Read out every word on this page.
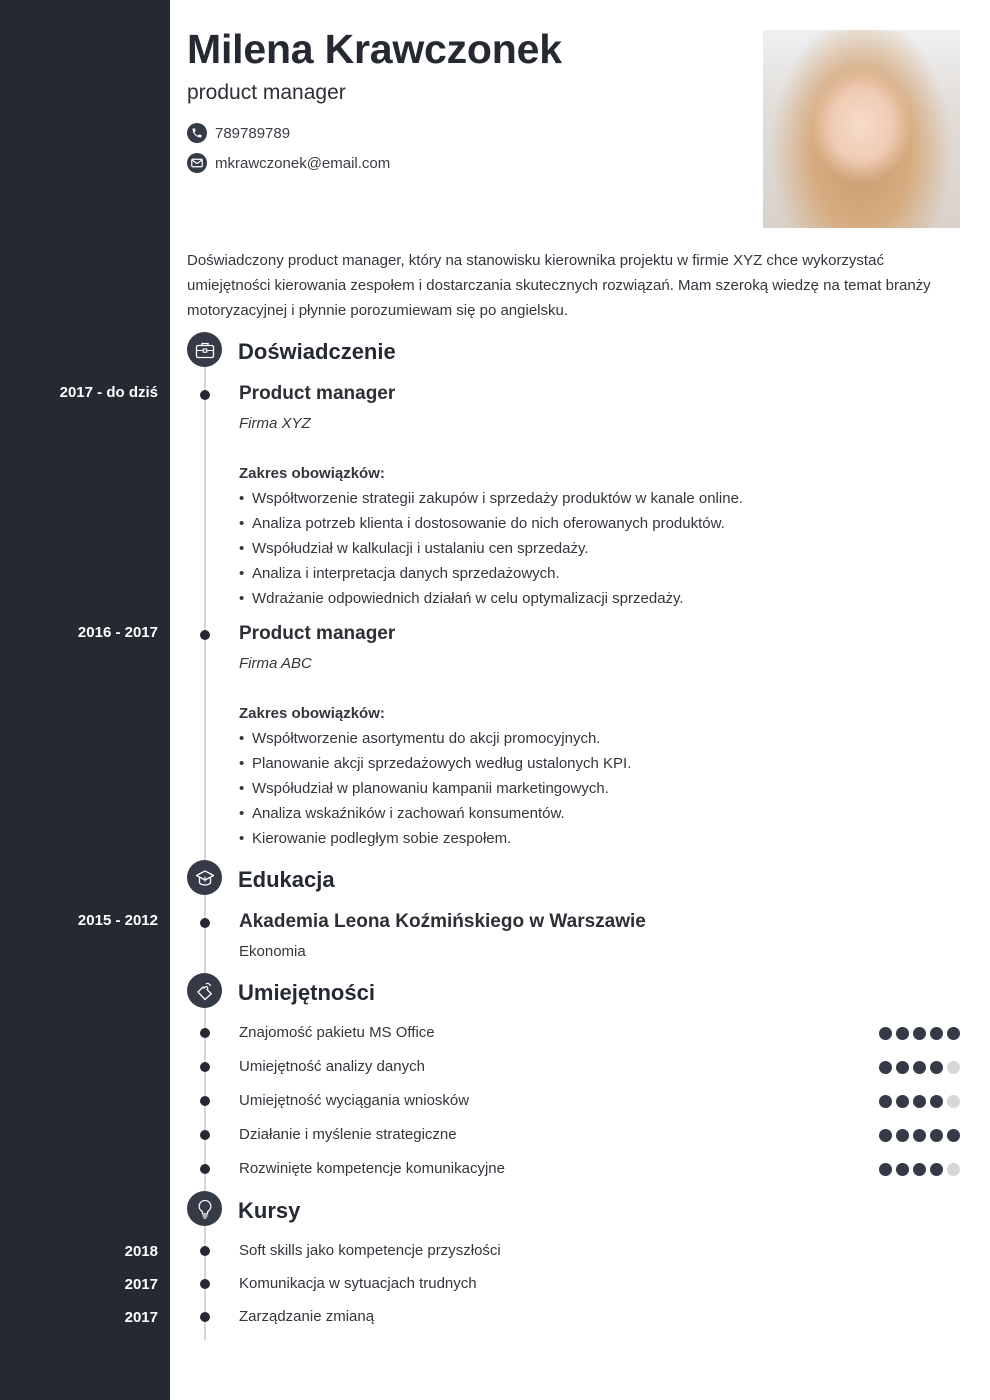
Milena Krawczonek
product manager
789789789
mkrawczonek@email.com

Doświadczony product manager, który na stanowisku kierownika projektu w firmie XYZ chce wykorzystać umiejętności kierowania zespołem i dostarczania skutecznych rozwiązań. Mam szeroką wiedzę na temat branży motoryzacyjnej i płynnie porozumiewam się po angielsku.

Doświadczenie
2017 - do dziś	Product manager
Firma XYZ
Zakres obowiązków:
• Współtworzenie strategii zakupów i sprzedaży produktów w kanale online.
• Analiza potrzeb klienta i dostosowanie do nich oferowanych produktów.
• Współudział w kalkulacji i ustalaniu cen sprzedaży.
• Analiza i interpretacja danych sprzedażowych.
• Wdrażanie odpowiednich działań w celu optymalizacji sprzedaży.
2016 - 2017	Product manager
Firma ABC
Zakres obowiązków:
• Współtworzenie asortymentu do akcji promocyjnych.
• Planowanie akcji sprzedażowych według ustalonych KPI.
• Współudział w planowaniu kampanii marketingowych.
• Analiza wskaźników i zachowań konsumentów.
• Kierowanie podległym sobie zespołem.
Edukacja
2015 - 2012	Akademia Leona Koźmińskiego w Warszawie
Ekonomia
Umiejętności
Znajomość pakietu MS Office
Umiejętność analizy danych
Umiejętność wyciągania wniosków
Działanie i myślenie strategiczne
Rozwinięte kompetencje komunikacyjne
Kursy
2018	Soft skills jako kompetencje przyszłości
2017	Komunikacja w sytuacjach trudnych
2017	Zarządzanie zmianą
